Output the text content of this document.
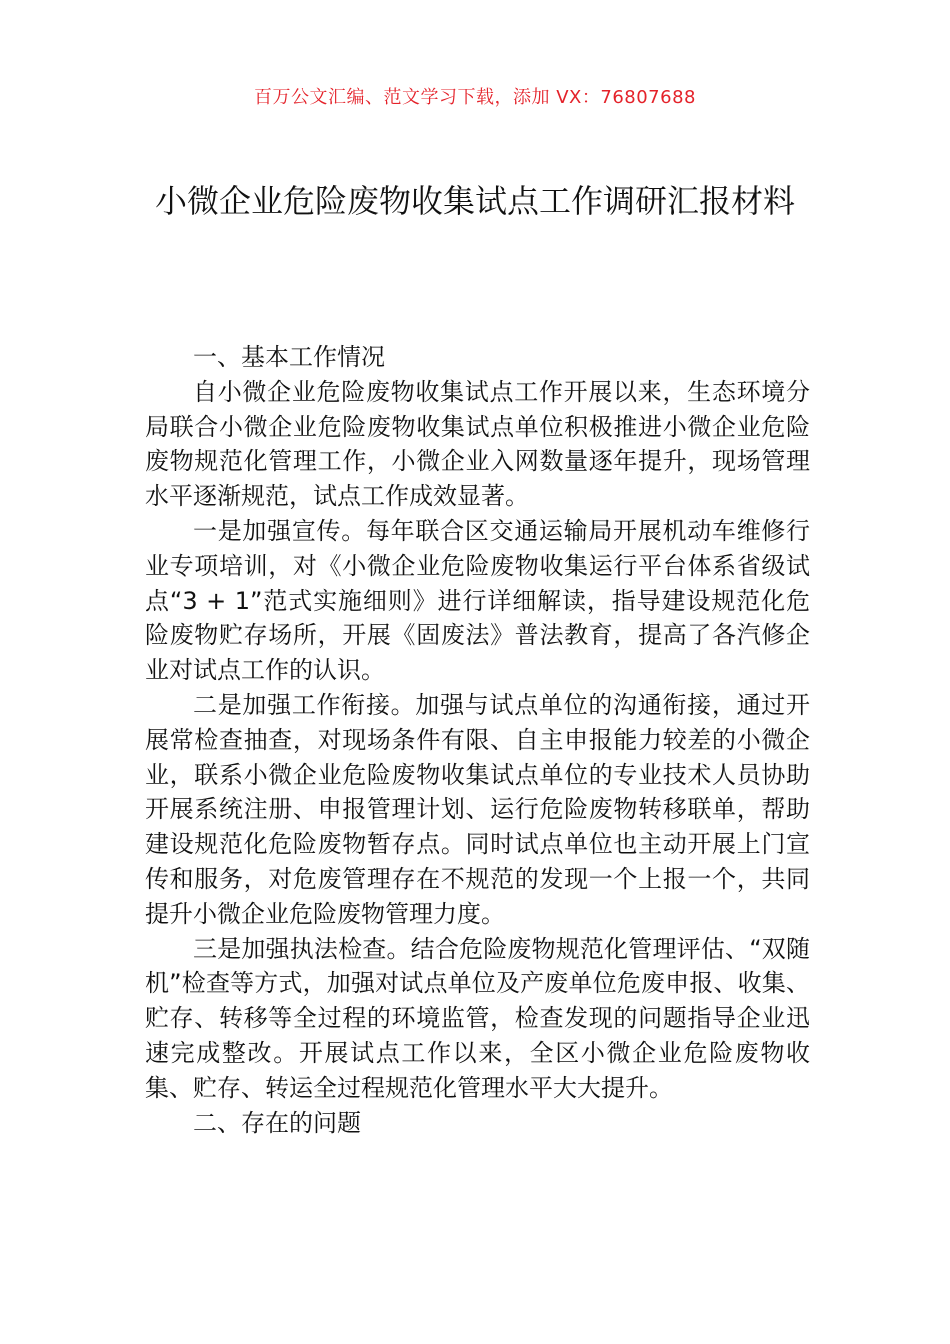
百万公文汇编、范文学习下载，添加 VX：76807688
小微企业危险废物收集试点工作调研汇报材料

一、基本工作情况

自小微企业危险废物收集试点工作开展以来，生态环境分局联合小微企业危险废物收集试点单位积极推进小微企业危险废物规范化管理工作，小微企业入网数量逐年提升，现场管理水平逐渐规范，试点工作成效显著。

一是加强宣传。每年联合区交通运输局开展机动车维修行业专项培训，对《小微企业危险废物收集运行平台体系省级试点“3 + 1”范式实施细则》进行详细解读，指导建设规范化危险废物贮存场所，开展《固废法》普法教育，提高了各汽修企业对试点工作的认识。

二是加强工作衔接。加强与试点单位的沟通衔接，通过开展常检查抽查，对现场条件有限、自主申报能力较差的小微企业，联系小微企业危险废物收集试点单位的专业技术人员协助开展系统注册、申报管理计划、运行危险废物转移联单，帮助建设规范化危险废物暂存点。同时试点单位也主动开展上门宣传和服务，对危废管理存在不规范的发现一个上报一个，共同提升小微企业危险废物管理力度。

三是加强执法检查。结合危险废物规范化管理评估、“双随机”检查等方式，加强对试点单位及产废单位危废申报、收集、贮存、转移等全过程的环境监管，检查发现的问题指导企业迅速完成整改。开展试点工作以来，全区小微企业危险废物收集、贮存、转运全过程规范化管理水平大大提升。

二、存在的问题
